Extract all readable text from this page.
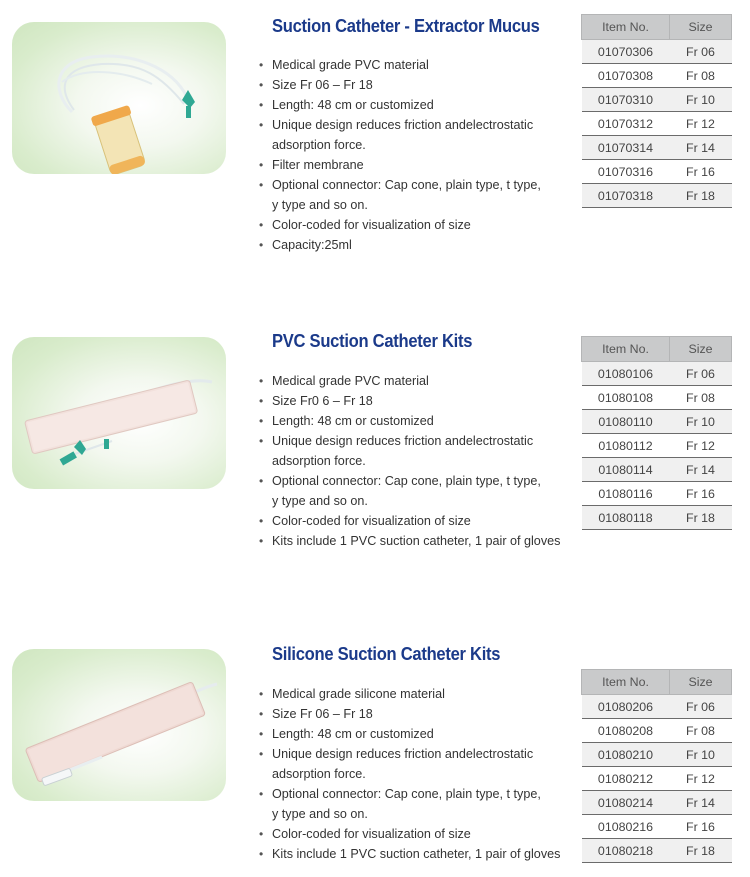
Suction Catheter - Extractor Mucus
• Medical grade PVC material
• Size Fr 06 – Fr 18
• Length: 48 cm or customized
• Unique design reduces friction andelectrostatic
adsorption force.
• Filter membrane
• Optional connector: Cap cone, plain type, t type,
y type and so on.
• Color-coded for visualization of size
• Capacity:25ml
Item No.	Size
01070306	Fr 06
01070308	Fr 08
01070310	Fr 10
01070312	Fr 12
01070314	Fr 14
01070316	Fr 16
01070318	Fr 18
PVC Suction Catheter Kits
• Medical grade PVC material
• Size Fr0 6 – Fr 18
• Length: 48 cm or customized
• Unique design reduces friction andelectrostatic
adsorption force.
• Optional connector: Cap cone, plain type, t type,
y type and so on.
• Color-coded for visualization of size
• Kits include 1 PVC suction catheter, 1 pair of gloves
Item No.	Size
01080106	Fr 06
01080108	Fr 08
01080110	Fr 10
01080112	Fr 12
01080114	Fr 14
01080116	Fr 16
01080118	Fr 18
Silicone Suction Catheter Kits
• Medical grade silicone material
• Size Fr 06 – Fr 18
• Length: 48 cm or customized
• Unique design reduces friction andelectrostatic
adsorption force.
• Optional connector: Cap cone, plain type, t type,
y type and so on.
• Color-coded for visualization of size
• Kits include 1 PVC suction catheter, 1 pair of gloves
Item No.	Size
01080206	Fr 06
01080208	Fr 08
01080210	Fr 10
01080212	Fr 12
01080214	Fr 14
01080216	Fr 16
01080218	Fr 18
